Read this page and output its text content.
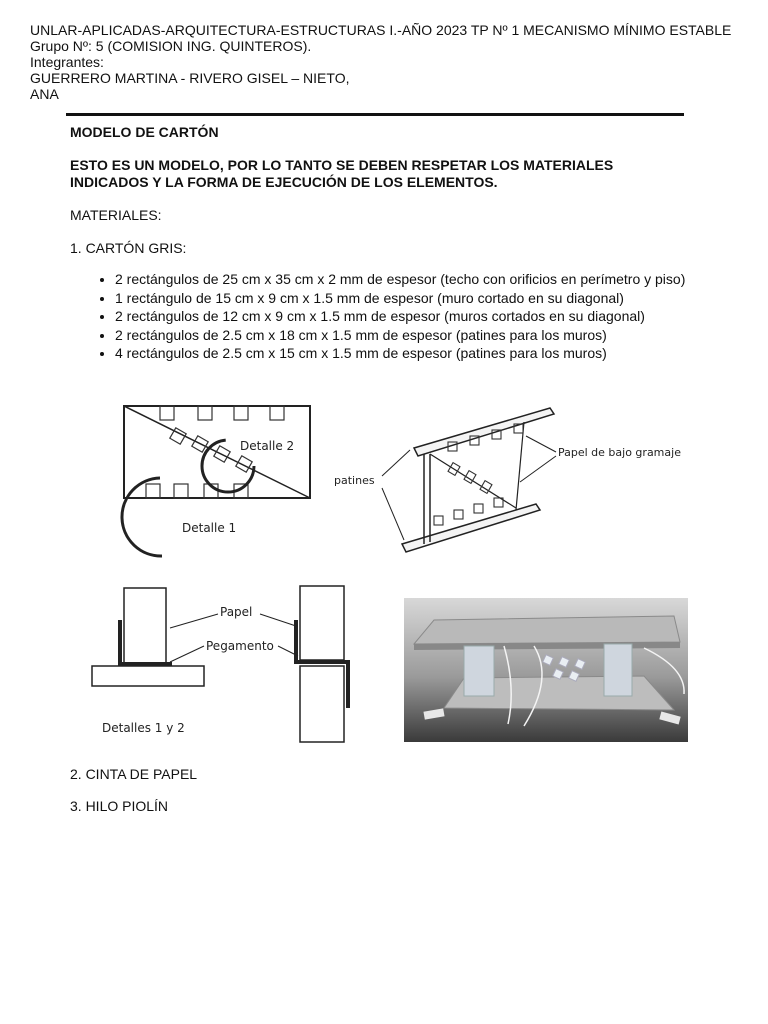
UNLAR-APLICADAS-ARQUITECTURA-ESTRUCTURAS I.-AÑO 2023 TP Nº 1 MECANISMO MÍNIMO ESTABLE
Grupo Nº: 5 (COMISION ING. QUINTEROS).
Integrantes:
GUERRERO MARTINA - RIVERO GISEL – NIETO,
ANA

MODELO DE CARTÓN

ESTO ES UN MODELO, POR LO TANTO SE DEBEN RESPETAR LOS MATERIALES INDICADOS Y LA FORMA DE EJECUCIÓN DE LOS ELEMENTOS.

MATERIALES:

1. CARTÓN GRIS:

• 2 rectángulos de 25 cm x 35 cm x 2 mm de espesor (techo con orificios en perímetro y piso)
• 1 rectángulo de 15 cm x 9 cm x 1.5 mm de espesor (muro cortado en su diagonal)
• 2 rectángulos de 12 cm x 9 cm x 1.5 mm de espesor (muros cortados en su diagonal)
• 2 rectángulos de 2.5 cm x 18 cm x 1.5 mm de espesor (patines para los muros)
• 4 rectángulos de 2.5 cm x 15 cm x 1.5 mm de espesor (patines para los muros)
Detalle 2
Detalle 1
patines
Papel de bajo gramaje
Papel
Pegamento
Detalles 1 y 2

2. CINTA DE PAPEL

3. HILO PIOLÍN
